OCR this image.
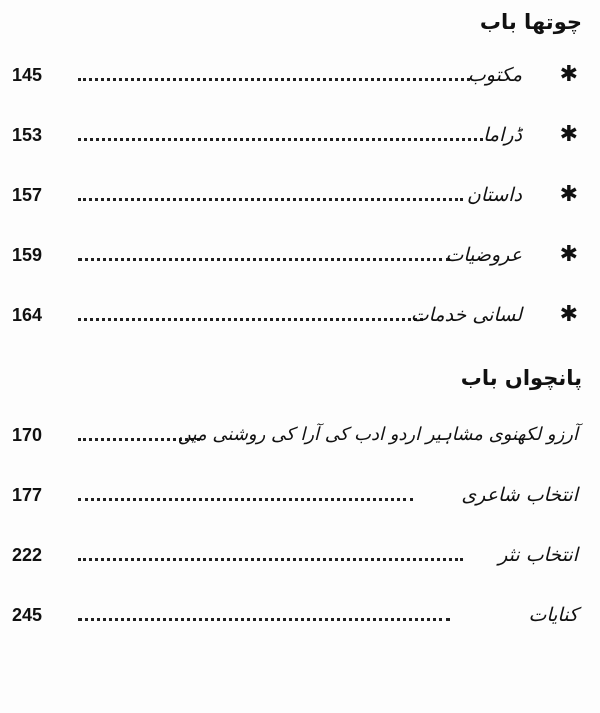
چوتھا باب
145	مکتوب ✱
153	ڈراما ✱
157	داستان ✱
159	عروضیات ✱
164	لسانی خدمات ✱
پانچواں باب
170	آرزو لکھنوی مشاہیر اردو ادب کی آرا کی روشنی میں
177	انتخاب شاعری
222	انتخاب نثر
245	کنایات
